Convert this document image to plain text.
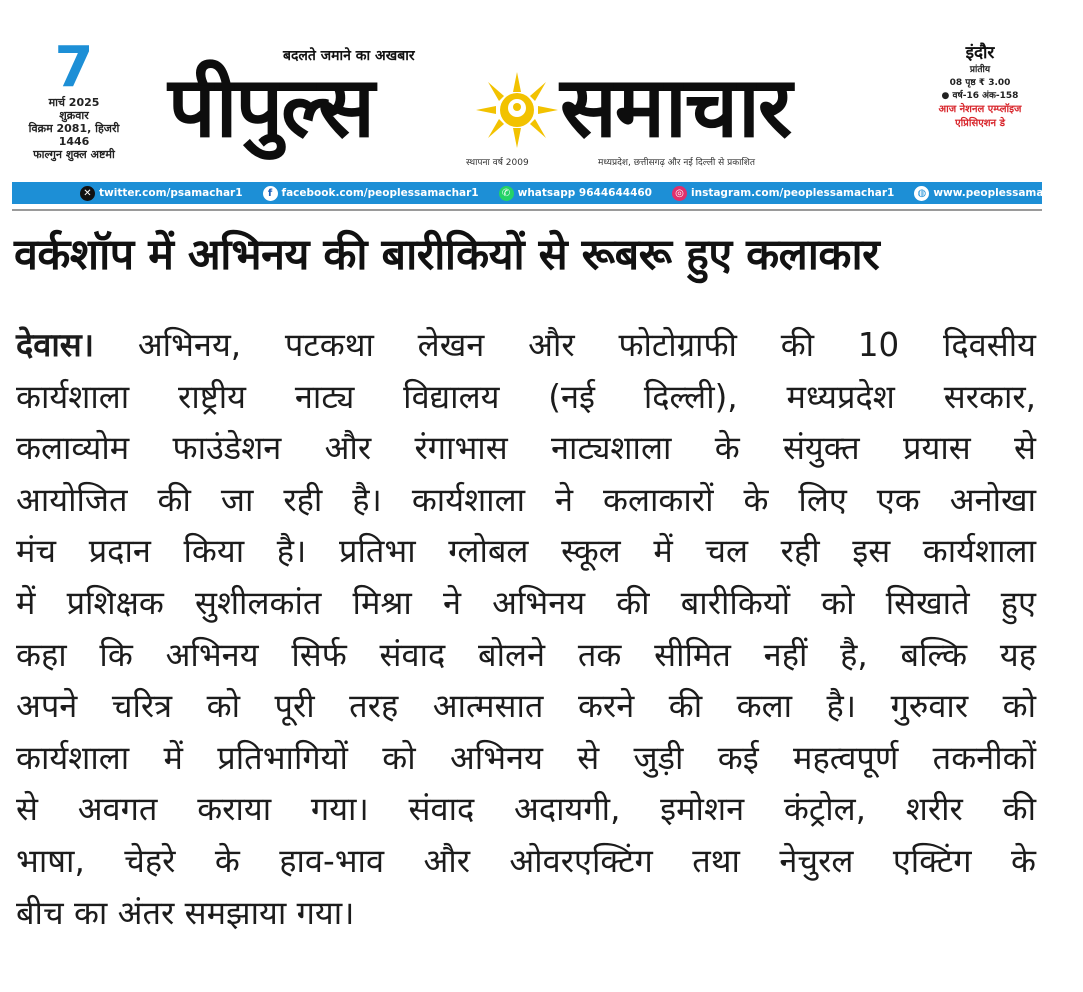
7
मार्च 2025
शुक्रवार
विक्रम 2081, हिजरी 1446
फाल्गुन शुक्ल अष्टमी
बदलते जमाने का अखबार
पीपुल्स समाचार
स्थापना वर्ष 2009	मध्यप्रदेश, छत्तीसगढ़ और नई दिल्ली से प्रकाशित
इंदौर
प्रांतीय
08 पृष्ठ ₹ 3.00
● वर्ष-16 अंक-158
आज नेशनल एम्प्लॉइज
एप्रिसिएशन डे
✕ twitter.com/psamachar1	f facebook.com/peoplessamachar1	✆ whatsapp 9644644460	◎ instagram.com/peoplessamachar1	◍ www.peoplessamachar.in
वर्कशॉप में अभिनय की बारीकियों से रूबरू हुए कलाकार
देवास। अभिनय, पटकथा लेखन और फोटोग्राफी की 10 दिवसीय
कार्यशाला राष्ट्रीय नाट्य विद्यालय (नई दिल्ली), मध्यप्रदेश सरकार,
कलाव्योम फाउंडेशन और रंगाभास नाट्यशाला के संयुक्त प्रयास से
आयोजित की जा रही है। कार्यशाला ने कलाकारों के लिए एक अनोखा
मंच प्रदान किया है। प्रतिभा ग्लोबल स्कूल में चल रही इस कार्यशाला
में प्रशिक्षक सुशीलकांत मिश्रा ने अभिनय की बारीकियों को सिखाते हुए
कहा कि अभिनय सिर्फ संवाद बोलने तक सीमित नहीं है, बल्कि यह
अपने चरित्र को पूरी तरह आत्मसात करने की कला है। गुरुवार को
कार्यशाला में प्रतिभागियों को अभिनय से जुड़ी कई महत्वपूर्ण तकनीकों
से अवगत कराया गया। संवाद अदायगी, इमोशन कंट्रोल, शरीर की
भाषा, चेहरे के हाव-भाव और ओवरएक्टिंग तथा नेचुरल एक्टिंग के
बीच का अंतर समझाया गया।
